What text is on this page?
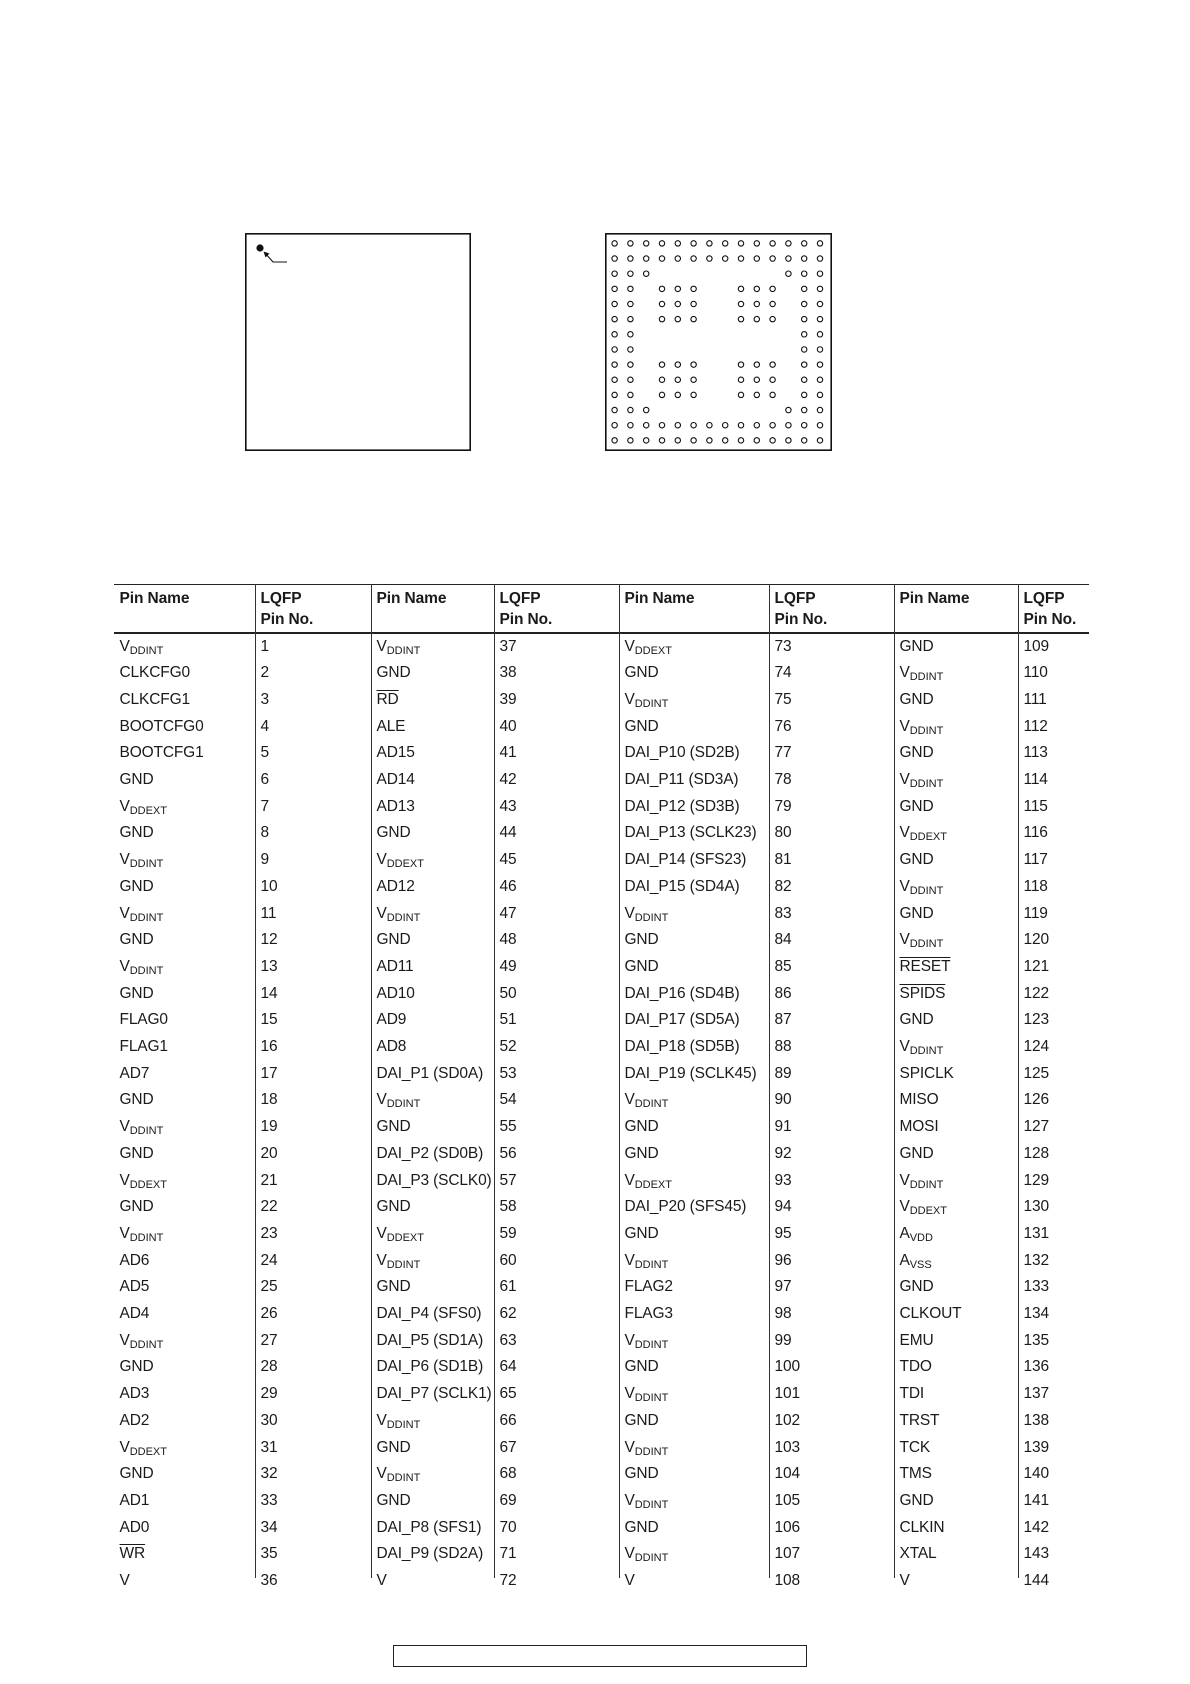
Pin Name	LQFP
Pin No.
Pin Name	LQFP
Pin No.
Pin Name	LQFP
Pin No.
Pin Name	LQFP
Pin No.
$V_{DDINT}$	1	$V_{DDINT}$	37	$V_{DDEXT}$	73	GND	109
CLKCFG0	2	GND	38	GND	74	$V_{DDINT}$	110
CLKCFG1	3	$\overline{RD}$	39	$V_{DDINT}$	75	GND	111
BOOTCFG0	4	ALE	40	GND	76	$V_{DDINT}$	112
BOOTCFG1	5	AD15	41	DAI_P10 (SD2B)	77	GND	113
GND	6	AD14	42	DAI_P11 (SD3A)	78	$V_{DDINT}$	114
$V_{DDEXT}$	7	AD13	43	DAI_P12 (SD3B)	79	GND	115
GND	8	GND	44	DAI_P13 (SCLK23)	80	$V_{DDEXT}$	116
$V_{DDINT}$	9	$V_{DDEXT}$	45	DAI_P14 (SFS23)	81	GND	117
GND	10	AD12	46	DAI_P15 (SD4A)	82	$V_{DDINT}$	118
$V_{DDINT}$	11	$V_{DDINT}$	47	$V_{DDINT}$	83	GND	119
GND	12	GND	48	GND	84	$V_{DDINT}$	120
$V_{DDINT}$	13	AD11	49	GND	85	RESET	121
GND	14	AD10	50	DAI_P16 (SD4B)	86	SPIDS	122
FLAG0	15	AD9	51	DAI_P17 (SD5A)	87	GND	123
FLAG1	16	AD8	52	DAI_P18 (SD5B)	88	$V_{DDINT}$	124
AD7	17	DAI_P1 (SD0A)	53	DAI_P19 (SCLK45)	89	SPICLK	125
GND	18	$V_{DDINT}$	54	$V_{DDINT}$	90	MISO	126
$V_{DDINT}$	19	GND	55	GND	91	MOSI	127
GND	20	DAI_P2 (SD0B)	56	GND	92	GND	128
$V_{DDEXT}$	21	DAI_P3 (SCLK0) 57	$V_{DDEXT}$	93	$V_{DDINT}$	129
GND	22	GND	58	DAI_P20 (SFS45)	94	$V_{DDEXT}$	130
$V_{DDINT}$	23	$V_{DDEXT}$	59	GND	95	$A_{VDD}$	131
AD6	24	$V_{DDINT}$	60	$V_{DDINT}$	96	$A_{VSS}$	132
AD5	25	GND	61	FLAG2	97	GND	133
AD4	26	DAI_P4 (SFS0)	62	FLAG3	98	CLKOUT	134
$V_{DDINT}$	27	DAI_P5 (SD1A)	63	$V_{DDINT}$	99	EMU	135
GND	28	DAI_P6 (SD1B)	64	GND	100	TDO	136
AD3	29	DAI_P7 (SCLK1) 65	$V_{DDINT}$	101	TDI	137
AD2	30	$V_{DDINT}$	66	GND	102	TRST	138
$V_{DDEXT}$	31	GND	67	$V_{DDINT}$	103	TCK	139
GND	32	$V_{DDINT}$	68	GND	104	TMS	140
AD1	33	GND	69	$V_{DDINT}$	105	GND	141
AD0	34	DAI_P8 (SFS1)	70	GND	106	CLKIN	142
$\overline{WR}$	35	DAI_P9 (SD2A)	71	$V_{DDINT}$	107	XTAL	143
V	36	V	72	V	108	V	144
